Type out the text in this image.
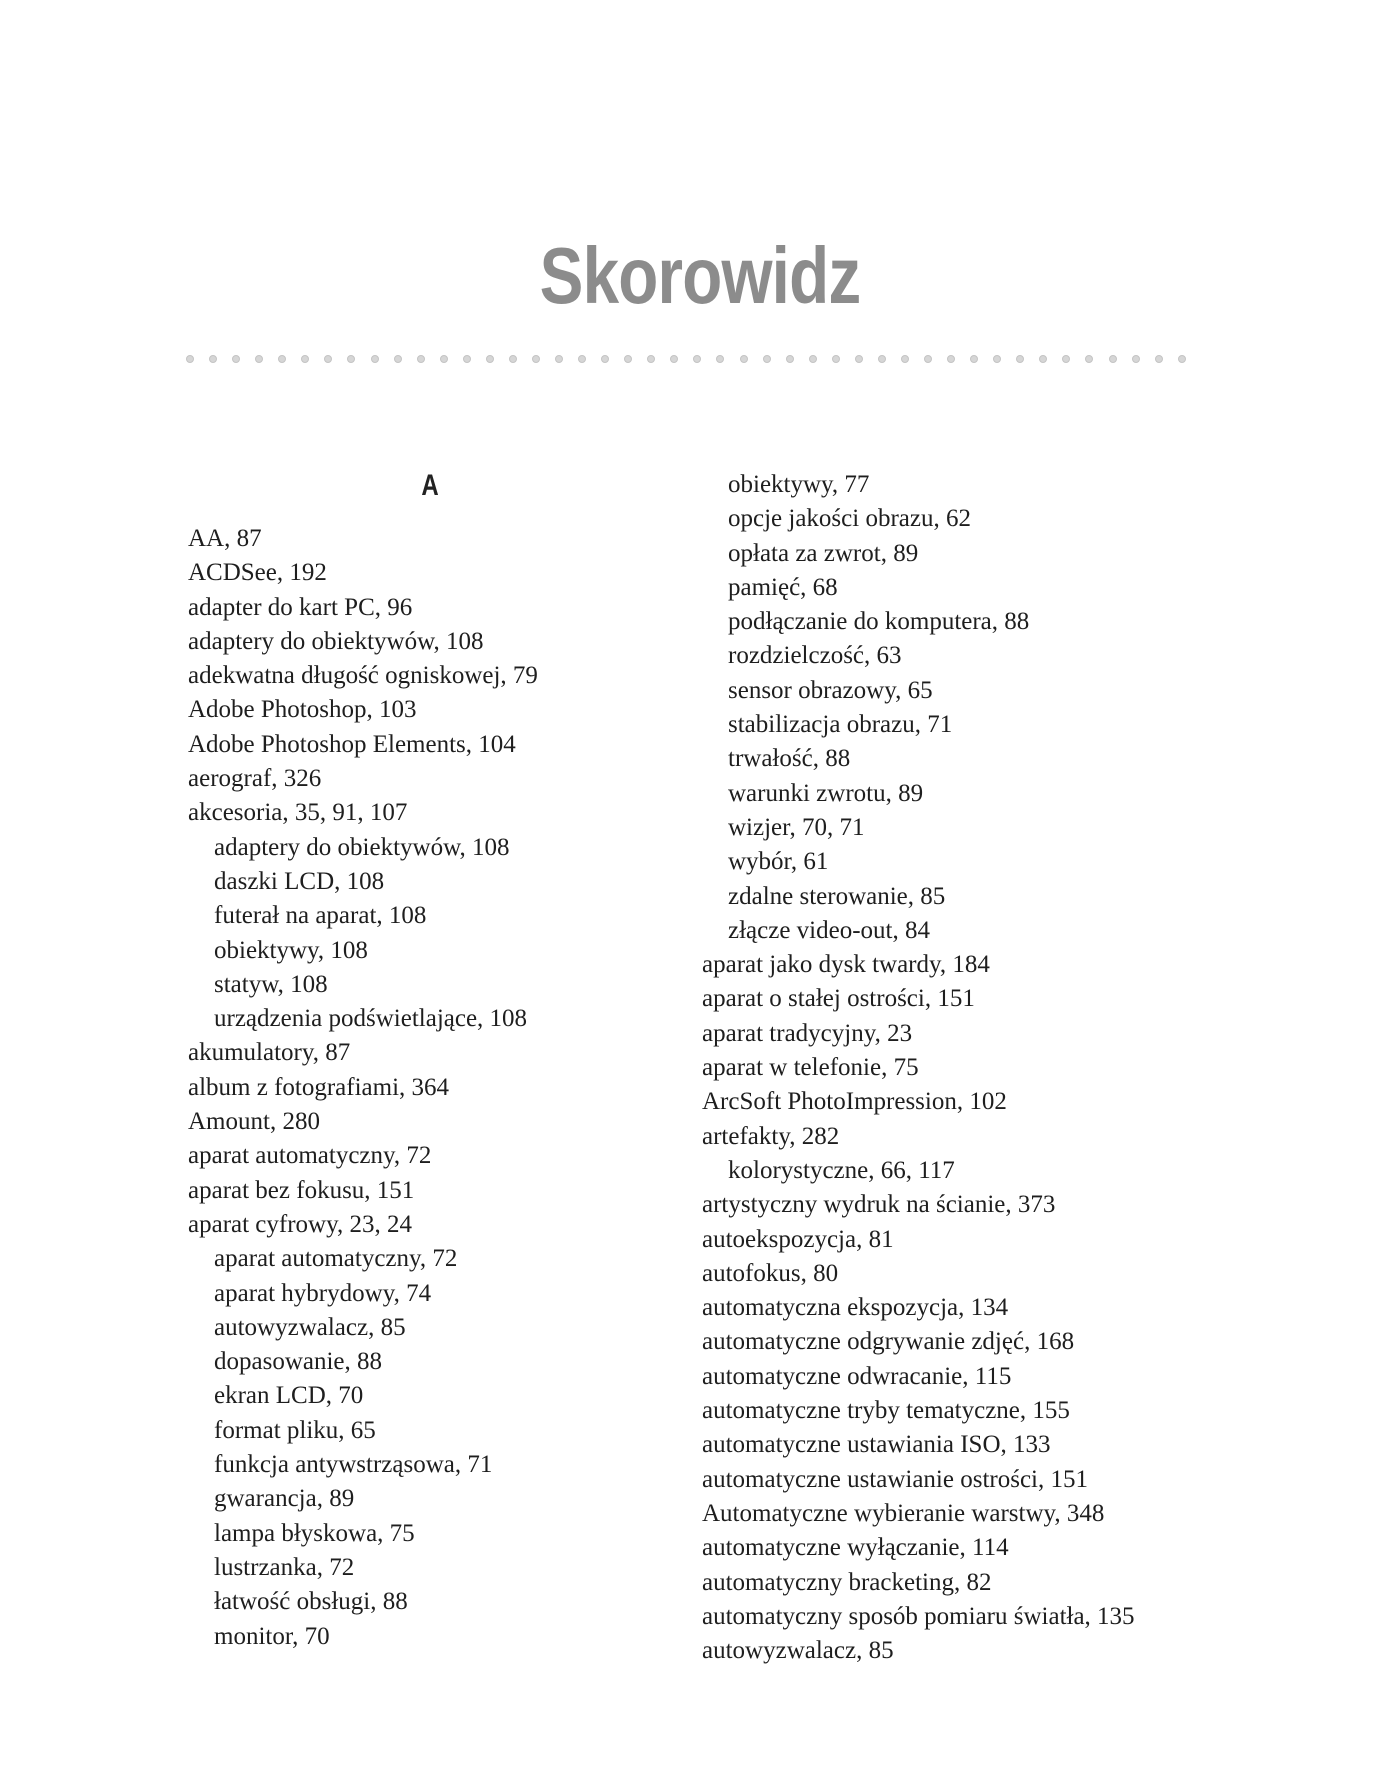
Skorowidz
A
AA, 87
ACDSee, 192
adapter do kart PC, 96
adaptery do obiektywów, 108
adekwatna długość ogniskowej, 79
Adobe Photoshop, 103
Adobe Photoshop Elements, 104
aerograf, 326
akcesoria, 35, 91, 107
adaptery do obiektywów, 108
daszki LCD, 108
futerał na aparat, 108
obiektywy, 108
statyw, 108
urządzenia podświetlające, 108
akumulatory, 87
album z fotografiami, 364
Amount, 280
aparat automatyczny, 72
aparat bez fokusu, 151
aparat cyfrowy, 23, 24
aparat automatyczny, 72
aparat hybrydowy, 74
autowyzwalacz, 85
dopasowanie, 88
ekran LCD, 70
format pliku, 65
funkcja antywstrząsowa, 71
gwarancja, 89
lampa błyskowa, 75
lustrzanka, 72
łatwość obsługi, 88
monitor, 70
obiektywy, 77
opcje jakości obrazu, 62
opłata za zwrot, 89
pamięć, 68
podłączanie do komputera, 88
rozdzielczość, 63
sensor obrazowy, 65
stabilizacja obrazu, 71
trwałość, 88
warunki zwrotu, 89
wizjer, 70, 71
wybór, 61
zdalne sterowanie, 85
złącze video-out, 84
aparat jako dysk twardy, 184
aparat o stałej ostrości, 151
aparat tradycyjny, 23
aparat w telefonie, 75
ArcSoft PhotoImpression, 102
artefakty, 282
kolorystyczne, 66, 117
artystyczny wydruk na ścianie, 373
autoekspozycja, 81
autofokus, 80
automatyczna ekspozycja, 134
automatyczne odgrywanie zdjęć, 168
automatyczne odwracanie, 115
automatyczne tryby tematyczne, 155
automatyczne ustawiania ISO, 133
automatyczne ustawianie ostrości, 151
Automatyczne wybieranie warstwy, 348
automatyczne wyłączanie, 114
automatyczny bracketing, 82
automatyczny sposób pomiaru światła, 135
autowyzwalacz, 85
